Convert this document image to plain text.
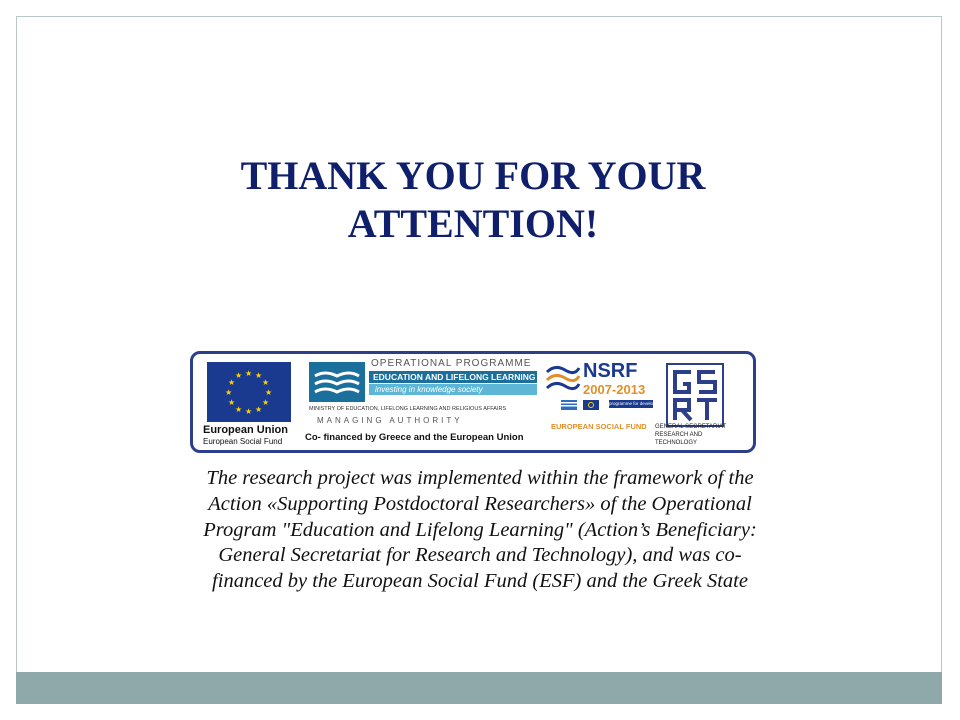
THANK YOU FOR YOUR
ATTENTION!
★ ★
★
★
★
★
★
★
★
★
★
★
European Union
European Social Fund
OPERATIONAL PROGRAMME
EDUCATION AND LIFELONG LEARNING
investing in knowledge society
MINISTRY OF EDUCATION, LIFELONG LEARNING AND RELIGIOUS AFFAIRS
MANAGING AUTHORITY
Co- financed by Greece and the European Union
NSRF
2007-2013
programme for development
EUROPEAN SOCIAL FUND GENERAL SECRETARIAT
RESEARCH AND
TECHNOLOGY

The research project was implemented within the framework of the
Action «Supporting Postdoctoral Researchers» of the Operational
Program "Education and Lifelong Learning" (Action’s Beneficiary:
General Secretariat for Research and Technology), and was co-
financed by the European Social Fund (ESF) and the Greek State
